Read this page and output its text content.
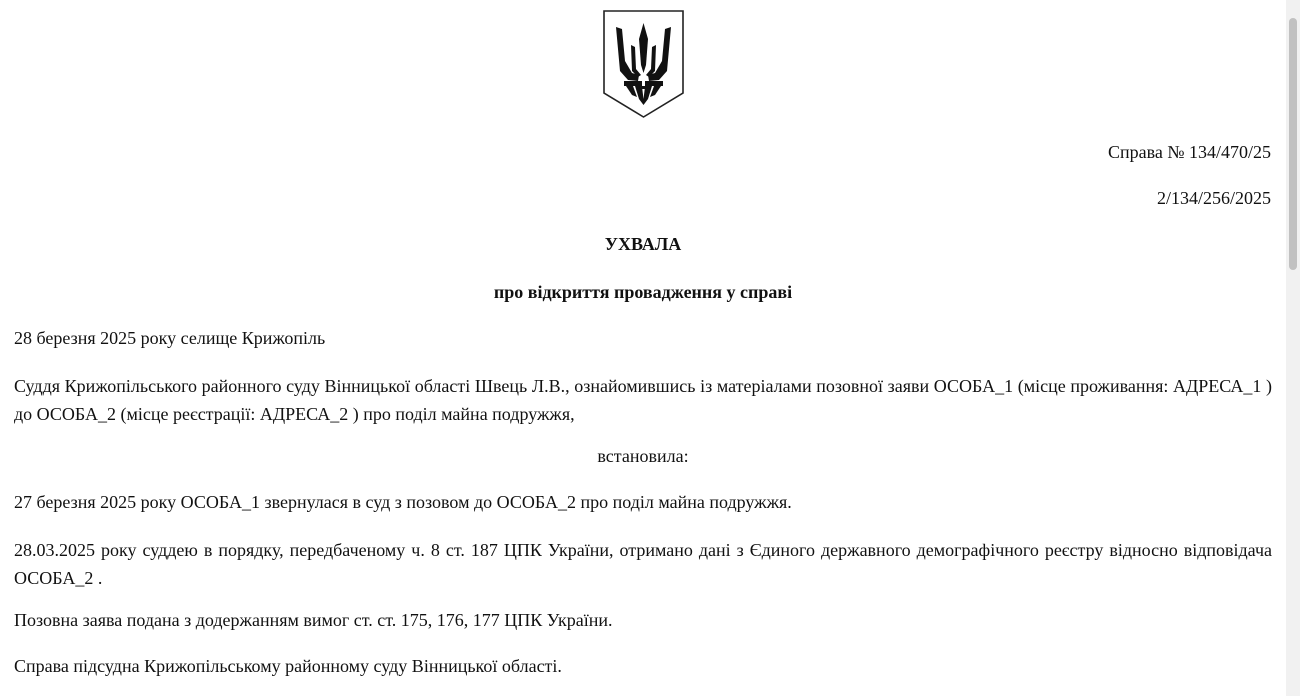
Справа № 134/470/25
2/134/256/2025
УХВАЛА
про відкриття провадження у справі
28 березня 2025 року селище Крижопіль
Суддя Крижопільського районного суду Вінницької області Швець Л.В., ознайомившись із матеріалами позовної заяви ОСОБА_1 (місце проживання: АДРЕСА_1 ) до ОСОБА_2 (місце реєстрації: АДРЕСА_2 ) про поділ майна подружжя,
встановила:
27 березня 2025 року ОСОБА_1 звернулася в суд з позовом до ОСОБА_2 про поділ майна подружжя.
28.03.2025 року суддею в порядку, передбаченому ч. 8 ст. 187 ЦПК України, отримано дані з Єдиного державного демографічного реєстру відносно відповідача ОСОБА_2 .
Позовна заява подана з додержанням вимог ст. ст. 175, 176, 177 ЦПК України.
Справа підсудна Крижопільському районному суду Вінницької області.
